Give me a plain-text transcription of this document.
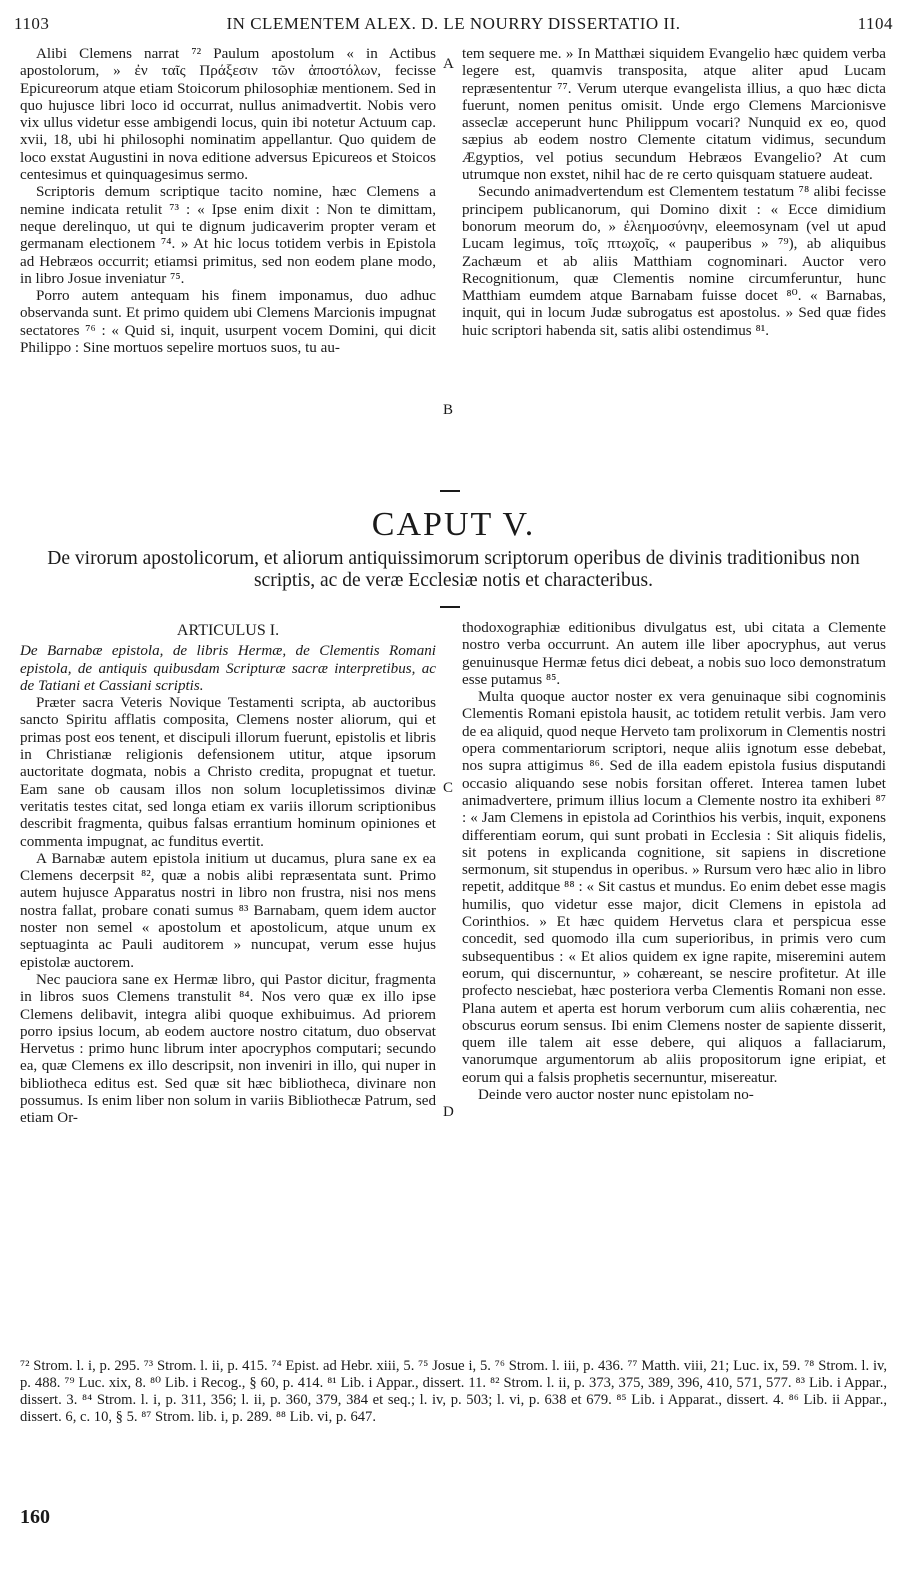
1103	IN CLEMENTEM ALEX. D. LE NOURRY DISSERTATIO II.	1104

Alibi Clemens narrat ⁷² Paulum apostolum « in Actibus apostolorum, » ἐν ταῖς Πράξεσιν τῶν ἀποστόλων, fecisse Epicureorum atque etiam Stoicorum philosophiæ mentionem. Sed in quo hujusce libri loco id occurrat, nullus animadvertit. Nobis vero vix ullus videtur esse ambigendi locus, quin ibi notetur Actuum cap. xvii, 18, ubi hi philosophi nominatim appellantur. Quo quidem de loco exstat Augustini in nova editione adversus Epicureos et Stoicos centesimus et quinquagesimus sermo.

Scriptoris demum scriptique tacito nomine, hæc Clemens a nemine indicata retulit ⁷³ : « Ipse enim dixit : Non te dimittam, neque derelinquo, ut qui te dignum judicaverim propter veram et germanam electionem ⁷⁴. » At hic locus totidem verbis in Epistola ad Hebræos occurrit; etiamsi primitus, sed non eodem plane modo, in libro Josue inveniatur ⁷⁵.

Porro autem antequam his finem imponamus, duo adhuc observanda sunt. Et primo quidem ubi Clemens Marcionis impugnat sectatores ⁷⁶ : « Quid si, inquit, usurpent vocem Domini, qui dicit Philippo : Sine mortuos sepelire mortuos suos, tu au-

tem sequere me. » In Matthæi siquidem Evangelio hæc quidem verba legere est, quamvis transposita, atque aliter apud Lucam repræsententur ⁷⁷. Verum uterque evangelista illius, a quo hæc dicta fuerunt, nomen penitus omisit. Unde ergo Clemens Marcionisve asseclæ acceperunt hunc Philippum vocari? Nunquid ex eo, quod sæpius ab eodem nostro Clemente citatum vidimus, secundum Ægyptios, vel potius secundum Hebræos Evangelio? At cum utrumque non exstet, nihil hac de re certo quisquam statuere audeat.

Secundo animadvertendum est Clementem testatum ⁷⁸ alibi fecisse principem publicanorum, qui Domino dixit : « Ecce dimidium bonorum meorum do, » ἐλεημοσύνην, eleemosynam (vel ut apud Lucam legimus, τοῖς πτωχοῖς, « pauperibus » ⁷⁹), ab aliquibus Zachæum et ab aliis Matthiam cognominari. Auctor vero Recognitionum, quæ Clementis nomine circumferuntur, hunc Matthiam eumdem atque Barnabam fuisse docet ⁸⁰. « Barnabas, inquit, qui in locum Judæ subrogatus est apostolus. » Sed quæ fides huic scriptori habenda sit, satis alibi ostendimus ⁸¹.

A
B
CAPUT V.
De virorum apostolicorum, et aliorum antiquissimorum scriptorum operibus de divinis traditionibus non scriptis, ac de veræ Ecclesiæ notis et characteribus.
ARTICULUS I.

De Barnabæ epistola, de libris Hermæ, de Clementis Romani epistola, de antiquis quibusdam Scripturæ sacræ interpretibus, ac de Tatiani et Cassiani scriptis.

Præter sacra Veteris Novique Testamenti scripta, ab auctoribus sancto Spiritu afflatis composita, Clemens noster aliorum, qui et primas post eos tenent, et discipuli illorum fuerunt, epistolis et libris in Christianæ religionis defensionem utitur, atque ipsorum auctoritate dogmata, nobis a Christo credita, propugnat et tuetur. Eam sane ob causam illos non solum locupletissimos divinæ veritatis testes citat, sed longa etiam ex variis illorum scriptionibus describit fragmenta, quibus falsas errantium hominum opiniones et commenta impugnat, ac funditus evertit.

A Barnabæ autem epistola initium ut ducamus, plura sane ex ea Clemens decerpsit ⁸², quæ a nobis alibi repræsentata sunt. Primo autem hujusce Apparatus nostri in libro non frustra, nisi nos mens nostra fallat, probare conati sumus ⁸³ Barnabam, quem idem auctor noster non semel « apostolum et apostolicum, atque unum ex septuaginta ac Pauli auditorem » nuncupat, verum esse hujus epistolæ auctorem.

Nec pauciora sane ex Hermæ libro, qui Pastor dicitur, fragmenta in libros suos Clemens transtulit ⁸⁴. Nos vero quæ ex illo ipse Clemens delibavit, integra alibi quoque exhibuimus. Ad priorem porro ipsius locum, ab eodem auctore nostro citatum, duo observat Hervetus : primo hunc librum inter apocryphos computari; secundo ea, quæ Clemens ex illo descripsit, non inveniri in illo, qui nuper in bibliotheca editus est. Sed quæ sit hæc bibliotheca, divinare non possumus. Is enim liber non solum in variis Bibliothecæ Patrum, sed etiam Or-

thodoxographiæ editionibus divulgatus est, ubi citata a Clemente nostro verba occurrunt. An autem ille liber apocryphus, aut verus genuinusque Hermæ fetus dici debeat, a nobis suo loco demonstratum esse putamus ⁸⁵.

Multa quoque auctor noster ex vera genuinaque sibi cognominis Clementis Romani epistola hausit, ac totidem retulit verbis. Jam vero de ea aliquid, quod neque Herveto tam prolixorum in Clementis nostri opera commentariorum scriptori, neque aliis ignotum esse debebat, nos supra attigimus ⁸⁶. Sed de illa eadem epistola fusius disputandi occasio aliquando sese nobis forsitan offeret. Interea tamen lubet animadvertere, primum illius locum a Clemente nostro ita exhiberi ⁸⁷ : « Jam Clemens in epistola ad Corinthios his verbis, inquit, exponens differentiam eorum, qui sunt probati in Ecclesia : Sit aliquis fidelis, sit potens in explicanda cognitione, sit sapiens in discretione sermonum, sit stupendus in operibus. » Rursum vero hæc alio in libro repetit, additque ⁸⁸ : « Sit castus et mundus. Eo enim debet esse magis humilis, quo videtur esse major, dicit Clemens in epistola ad Corinthios. » Et hæc quidem Hervetus clara et perspicua esse concedit, sed quomodo illa cum superioribus, in primis vero cum subsequentibus : « Et alios quidem ex igne rapite, miseremini autem eorum, qui discernuntur, » cohæreant, se nescire profitetur. At ille profecto nesciebat, hæc posteriora verba Clementis Romani non esse. Plana autem et aperta est horum verborum cum aliis cohærentia, nec obscurus eorum sensus. Ibi enim Clemens noster de sapiente disserit, quem ille talem ait esse debere, qui aliquos a fallaciarum, vanorumque argumentorum ab aliis propositorum igne eripiat, et eorum qui a falsis prophetis secernuntur, misereatur.

Deinde vero auctor noster nunc epistolam no-

C
D
160
⁷² Strom. l. i, p. 295. ⁷³ Strom. l. ii, p. 415. ⁷⁴ Epist. ad Hebr. xiii, 5. ⁷⁵ Josue i, 5. ⁷⁶ Strom. l. iii, p. 436. ⁷⁷ Matth. viii, 21; Luc. ix, 59. ⁷⁸ Strom. l. iv, p. 488. ⁷⁹ Luc. xix, 8. ⁸⁰ Lib. i Recog., § 60, p. 414. ⁸¹ Lib. i Appar., dissert. 11. ⁸² Strom. l. ii, p. 373, 375, 389, 396, 410, 571, 577. ⁸³ Lib. i Appar., dissert. 3. ⁸⁴ Strom. l. i, p. 311, 356; l. ii, p. 360, 379, 384 et seq.; l. iv, p. 503; l. vi, p. 638 et 679. ⁸⁵ Lib. i Apparat., dissert. 4. ⁸⁶ Lib. ii Appar., dissert. 6, c. 10, § 5. ⁸⁷ Strom. lib. i, p. 289. ⁸⁸ Lib. vi, p. 647.
